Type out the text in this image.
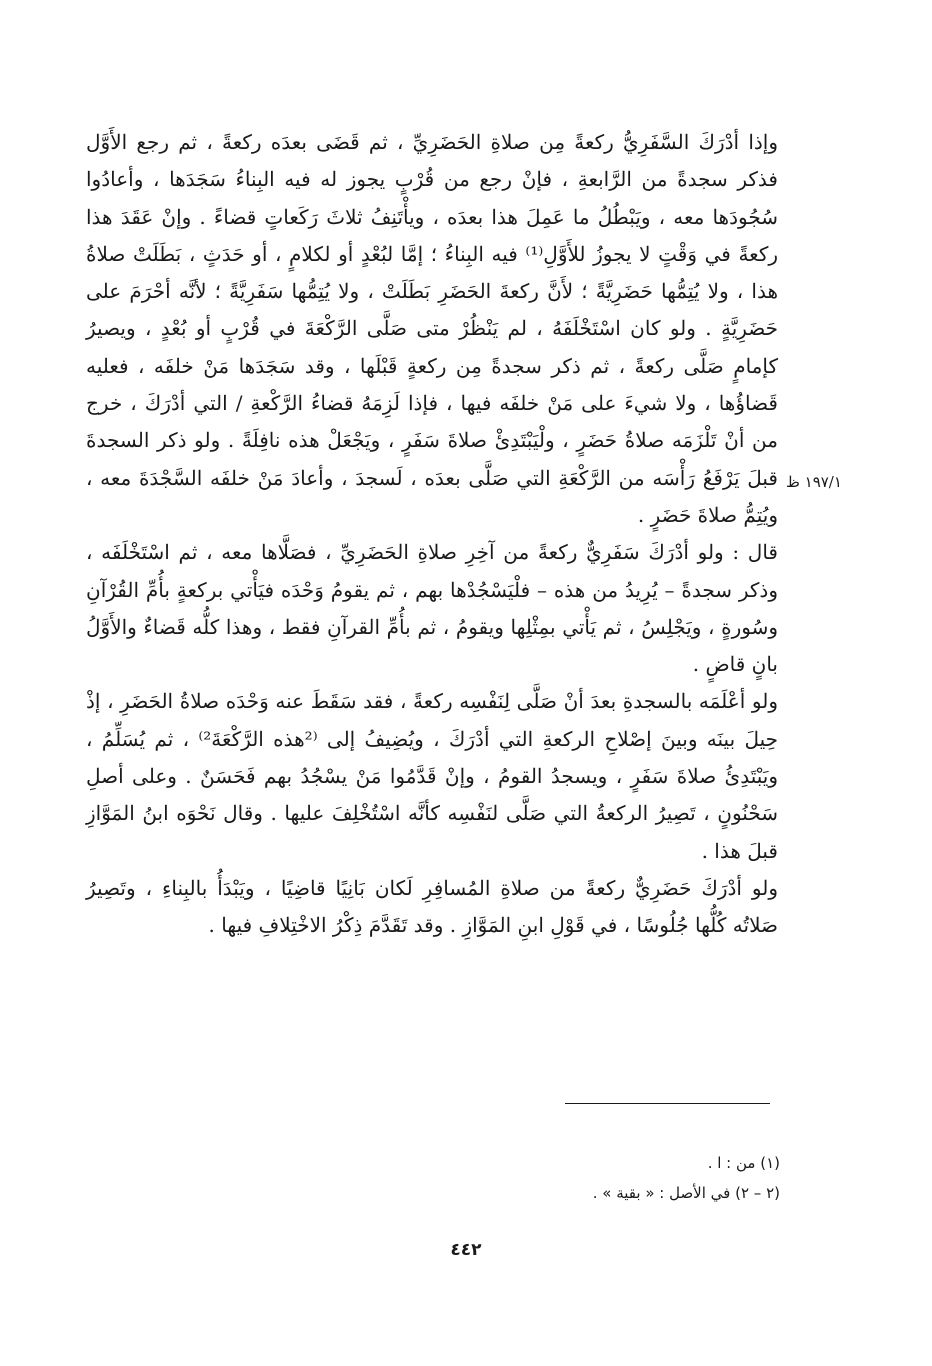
وإذا أدْرَكَ السَّفَرِيُّ ركعةً مِن صلاةِ الحَضَرِيِّ ، ثم قَضَى بعدَه ركعةً ، ثم رجع الأَوَّل فذكر سجدةً من الرَّابعةِ ، فإنْ رجع من قُرْبٍ يجوز له فيه البِناءُ سَجَدَها ، وأعادُوا سُجُودَها معه ، ويَبْطُلُ ما عَمِلَ هذا بعدَه ، ويأْتَنِفُ ثلاثَ رَكَعاتٍ قضاءً . وإنْ عَقَدَ هذا ركعةً في وَقْتٍ لا يجوزُ للأَوَّلِ⁽¹⁾ فيه البِناءُ ؛ إمَّا لبُعْدٍ أو لكلامٍ ، أو حَدَثٍ ، بَطَلَتْ صلاةُ هذا ، ولا يُتِمُّها حَضَرِيَّةً ؛ لأَنَّ ركعةَ الحَضَرِ بَطَلَتْ ، ولا يُتِمُّها سَفَرِيَّةً ؛ لأنَّه أحْرَمَ على حَضَرِيَّةٍ . ولو كان اسْتَخْلَفَهُ ، لم يَنْظُرْ متى صَلَّى الرَّكْعَةَ في قُرْبٍ أو بُعْدٍ ، ويصيرُ كإمامٍ صَلَّى ركعةً ، ثم ذكر سجدةً مِن ركعةٍ قَبْلَها ، وقد سَجَدَها مَنْ خلفَه ، فعليه قَضاؤُها ، ولا شيءَ على مَنْ خلفَه فيها ، فإذا لَزِمَهُ قضاءُ الرَّكْعةِ / التي أدْرَكَ ، خرج من أنْ تَلْزَمَه صلاةُ حَضَرٍ ، ولْيَبْتَدِئْ صلاةَ سَفَرٍ ، ويَجْعَلْ هذه نافِلَةً . ولو ذكر السجدةَ قبلَ يَرْفَعُ رَأْسَه من الرَّكْعَةِ التي صَلَّى بعدَه ، لَسجدَ ، وأعادَ مَنْ خلفَه السَّجْدَةَ معه ، ويُتِمُّ صلاةَ حَضَرٍ .

قال : ولو أدْرَكَ سَفَرِيٌّ ركعةً من آخِرِ صلاةِ الحَضَرِيِّ ، فصَلَّاها معه ، ثم اسْتَخْلَفَه ، وذكر سجدةً – يُرِيدُ من هذه – فلْيَسْجُدْها بهم ، ثم يقومُ وَحْدَه فيَأْتي بركعةٍ بأُمِّ القُرْآنِ وسُورةٍ ، ويَجْلِسُ ، ثم يَأْتي بمِثْلِها ويقومُ ، ثم بأُمِّ القرآنِ فقط ، وهذا كلُّه قَضاءٌ والأَوَّلُ بانٍ قاضٍ .

ولو أعْلَمَه بالسجدةِ بعدَ أنْ صَلَّى لِنَفْسِه ركعةً ، فقد سَقَطَ عنه وَحْدَه صلاةُ الحَضَرِ ، إذْ حِيلَ بينَه وبينَ إصْلاحِ الركعةِ التي أدْرَكَ ، ويُضِيفُ إلى ⁽²هذه الرَّكْعَةَ²⁾ ، ثم يُسَلِّمُ ، ويَبْتَدِئُ صلاةَ سَفَرٍ ، ويسجدُ القومُ ، وإنْ قَدَّمُوا مَنْ يسْجُدُ بهم فَحَسَنٌ . وعلى أصلِ سَحْنُونٍ ، تَصِيرُ الركعةُ التي صَلَّى لنَفْسِه كأنَّه اسْتُخْلِفَ عليها . وقال نَحْوَه ابنُ المَوَّازِ قبلَ هذا .

ولو أدْرَكَ حَضَرِيٌّ ركعةً من صلاةِ المُسافِرِ لَكان بَانِيًا قاضِيًا ، ويَبْدَأُ بالبِناءِ ، وتَصِيرُ صَلاتُه كُلُّها جُلُوسًا ، في قَوْلِ ابنِ المَوَّازِ . وقد تَقَدَّمَ ذِكْرُ الاخْتِلافِ فيها .

١٩٧/١ ظ

(١) من : ا .

(٢ – ٢) في الأصل : « بقية » .

٤٤٢
